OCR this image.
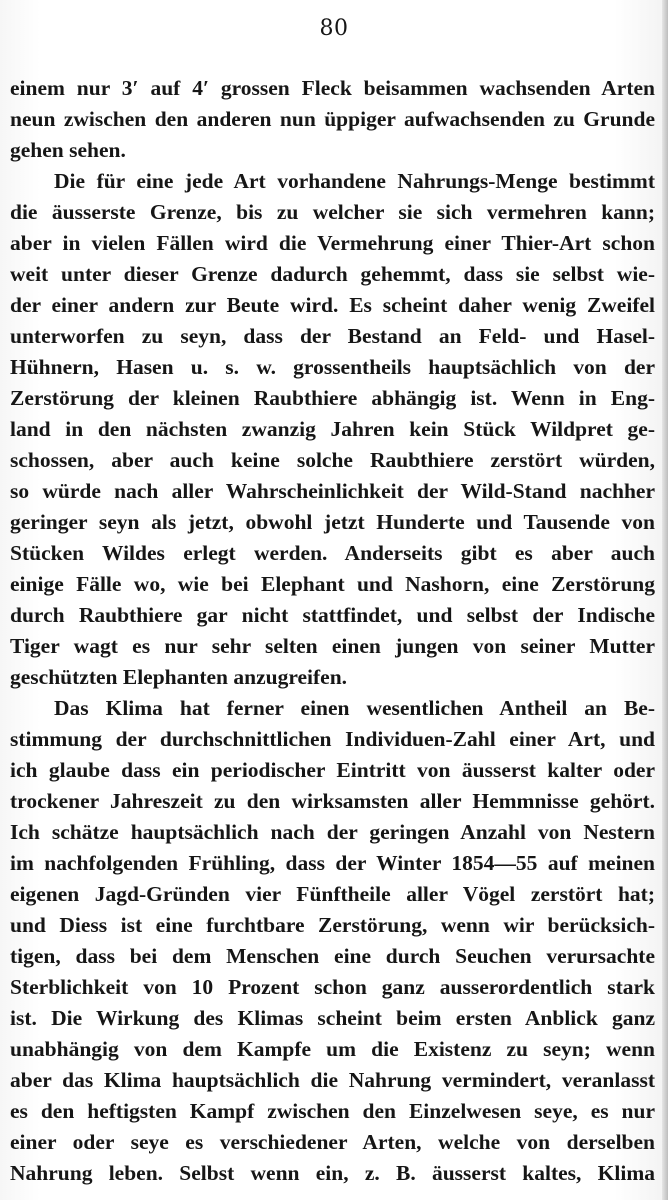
80
einem nur 3′ auf 4′ grossen Fleck beisammen wachsenden Arten
neun zwischen den anderen nun üppiger aufwachsenden zu Grunde
gehen sehen.
Die für eine jede Art vorhandene Nahrungs-Menge bestimmt
die äusserste Grenze, bis zu welcher sie sich vermehren kann;
aber in vielen Fällen wird die Vermehrung einer Thier-Art schon
weit unter dieser Grenze dadurch gehemmt, dass sie selbst wie-
der einer andern zur Beute wird. Es scheint daher wenig Zweifel
unterworfen zu seyn, dass der Bestand an Feld- und Hasel-
Hühnern, Hasen u. s. w. grossentheils hauptsächlich von der
Zerstörung der kleinen Raubthiere abhängig ist. Wenn in Eng-
land in den nächsten zwanzig Jahren kein Stück Wildpret ge-
schossen, aber auch keine solche Raubthiere zerstört würden,
so würde nach aller Wahrscheinlichkeit der Wild-Stand nachher
geringer seyn als jetzt, obwohl jetzt Hunderte und Tausende von
Stücken Wildes erlegt werden. Anderseits gibt es aber auch
einige Fälle wo, wie bei Elephant und Nashorn, eine Zerstörung
durch Raubthiere gar nicht stattfindet, und selbst der Indische
Tiger wagt es nur sehr selten einen jungen von seiner Mutter
geschützten Elephanten anzugreifen.
Das Klima hat ferner einen wesentlichen Antheil an Be-
stimmung der durchschnittlichen Individuen-Zahl einer Art, und
ich glaube dass ein periodischer Eintritt von äusserst kalter oder
trockener Jahreszeit zu den wirksamsten aller Hemmnisse gehört.
Ich schätze hauptsächlich nach der geringen Anzahl von Nestern
im nachfolgenden Frühling, dass der Winter 1854—55 auf meinen
eigenen Jagd-Gründen vier Fünftheile aller Vögel zerstört hat;
und Diess ist eine furchtbare Zerstörung, wenn wir berücksich-
tigen, dass bei dem Menschen eine durch Seuchen verursachte
Sterblichkeit von 10 Prozent schon ganz ausserordentlich stark
ist. Die Wirkung des Klimas scheint beim ersten Anblick ganz
unabhängig von dem Kampfe um die Existenz zu seyn; wenn
aber das Klima hauptsächlich die Nahrung vermindert, veranlasst
es den heftigsten Kampf zwischen den Einzelwesen seye, es nur
einer oder seye es verschiedener Arten, welche von derselben
Nahrung leben. Selbst wenn ein, z. B. äusserst kaltes, Klima
